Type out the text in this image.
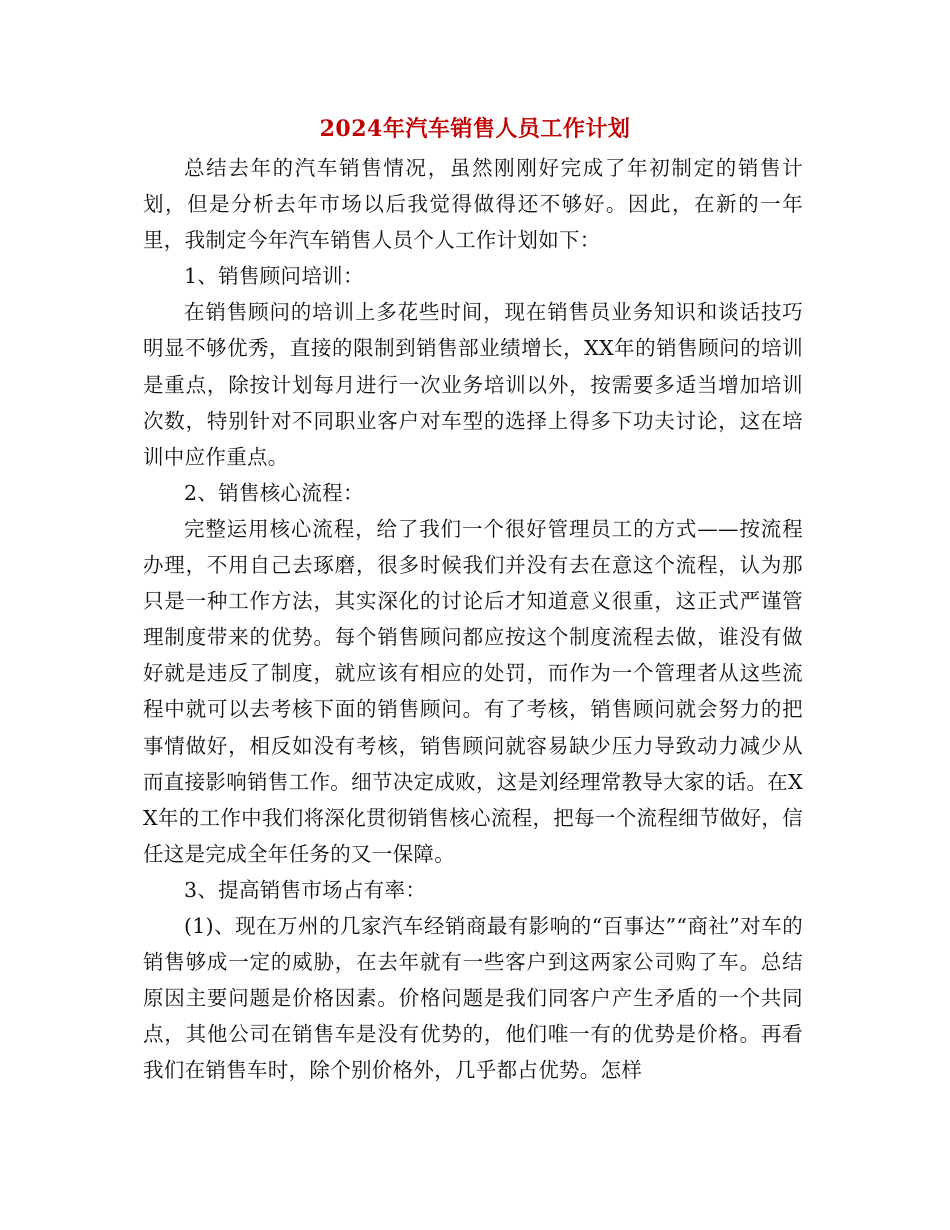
2024年汽车销售人员工作计划

总结去年的汽车销售情况，虽然刚刚好完成了年初制定的销售计划，但是分析去年市场以后我觉得做得还不够好。因此，在新的一年里，我制定今年汽车销售人员个人工作计划如下：

1、销售顾问培训：

在销售顾问的培训上多花些时间，现在销售员业务知识和谈话技巧明显不够优秀，直接的限制到销售部业绩增长，XX年的销售顾问的培训是重点，除按计划每月进行一次业务培训以外，按需要多适当增加培训次数，特别针对不同职业客户对车型的选择上得多下功夫讨论，这在培训中应作重点。

2、销售核心流程：

完整运用核心流程，给了我们一个很好管理员工的方式——按流程办理，不用自己去琢磨，很多时候我们并没有去在意这个流程，认为那只是一种工作方法，其实深化的讨论后才知道意义很重，这正式严谨管理制度带来的优势。每个销售顾问都应按这个制度流程去做，谁没有做好就是违反了制度，就应该有相应的处罚，而作为一个管理者从这些流程中就可以去考核下面的销售顾问。有了考核，销售顾问就会努力的把事情做好，相反如没有考核，销售顾问就容易缺少压力导致动力减少从而直接影响销售工作。细节决定成败，这是刘经理常教导大家的话。在XX年的工作中我们将深化贯彻销售核心流程，把每一个流程细节做好，信任这是完成全年任务的又一保障。

3、提高销售市场占有率：

(1)、现在万州的几家汽车经销商最有影响的“百事达”“商社”对车的销售够成一定的威胁，在去年就有一些客户到这两家公司购了车。总结原因主要问题是价格因素。价格问题是我们同客户产生矛盾的一个共同点，其他公司在销售车是没有优势的，他们唯一有的优势是价格。再看我们在销售车时，除个别价格外，几乎都占优势。怎样
